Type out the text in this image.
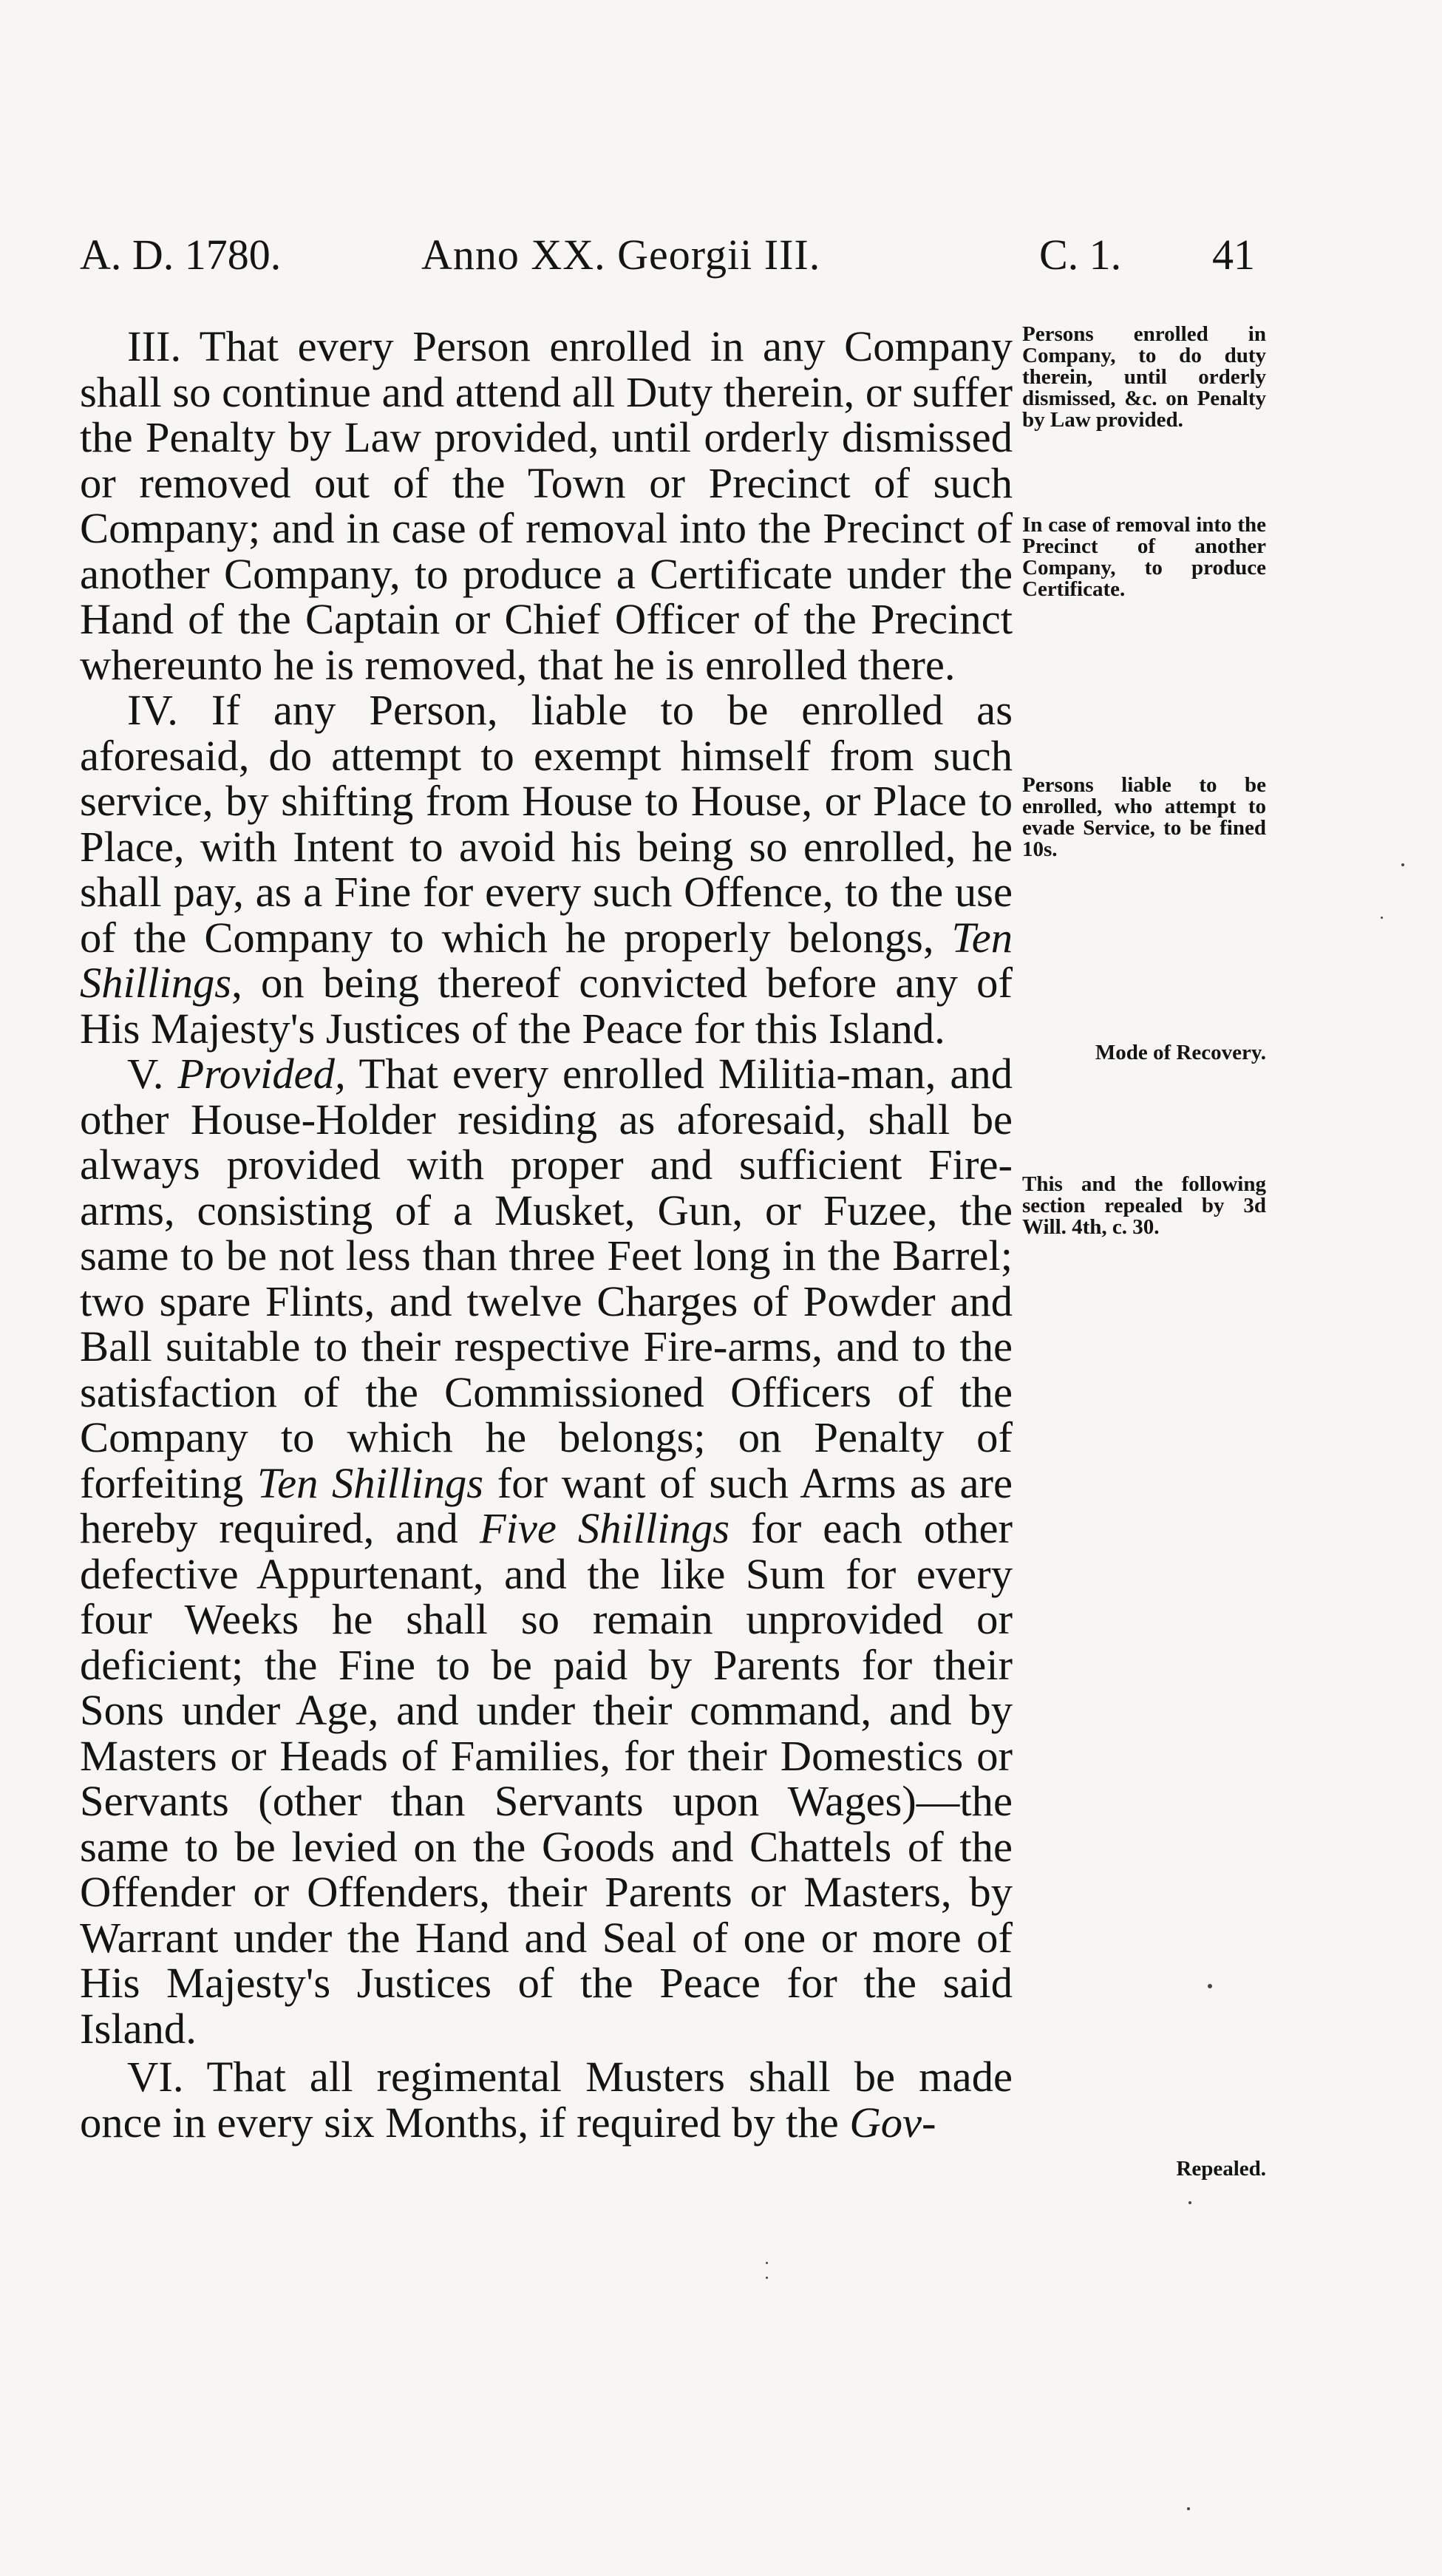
A. D. 1780.	Anno XX. Georgii III.	C. 1. 41

III. That every Person enrolled in any Company shall so continue and attend all Duty therein, or suffer the Penalty by Law provided, until orderly dismissed or removed out of the Town or Precinct of such Company; and in case of removal into the Precinct of another Company, to produce a Certificate under the Hand of the Captain or Chief Officer of the Precinct whereunto he is removed, that he is enrolled there.

IV. If any Person, liable to be enrolled as aforesaid, do attempt to exempt himself from such service, by shifting from House to House, or Place to Place, with Intent to avoid his being so enrolled, he shall pay, as a Fine for every such Offence, to the use of the Company to which he properly belongs, Ten Shillings, on being thereof convicted before any of His Majesty's Justices of the Peace for this Island.

V. Provided, That every enrolled Militia-man, and other House-Holder residing as aforesaid, shall be always provided with proper and sufficient Fire-arms, consisting of a Musket, Gun, or Fuzee, the same to be not less than three Feet long in the Barrel; two spare Flints, and twelve Charges of Powder and Ball suitable to their respective Fire-arms, and to the satisfaction of the Commissioned Officers of the Company to which he belongs; on Penalty of forfeiting Ten Shillings for want of such Arms as are hereby required, and Five Shillings for each other defective Appurtenant, and the like Sum for every four Weeks he shall so remain unprovided or deficient; the Fine to be paid by Parents for their Sons under Age, and under their command, and by Masters or Heads of Families, for their Domestics or Servants (other than Servants upon Wages)—the same to be levied on the Goods and Chattels of the Offender or Offenders, their Parents or Masters, by Warrant under the Hand and Seal of one or more of His Majesty's Justices of the Peace for the said Island.

VI. That all regimental Musters shall be made once in every six Months, if required by the Gov-

Persons enrolled in Company, to do duty therein, until orderly dismissed, &c. on Penalty by Law provided.
In case of removal into the Precinct of another Company, to produce Certificate.
Persons liable to be enrolled, who attempt to evade Service, to be fined 10s.
Mode of Recovery.
This and the following section repealed by 3d Will. 4th, c. 30.
Repealed.
